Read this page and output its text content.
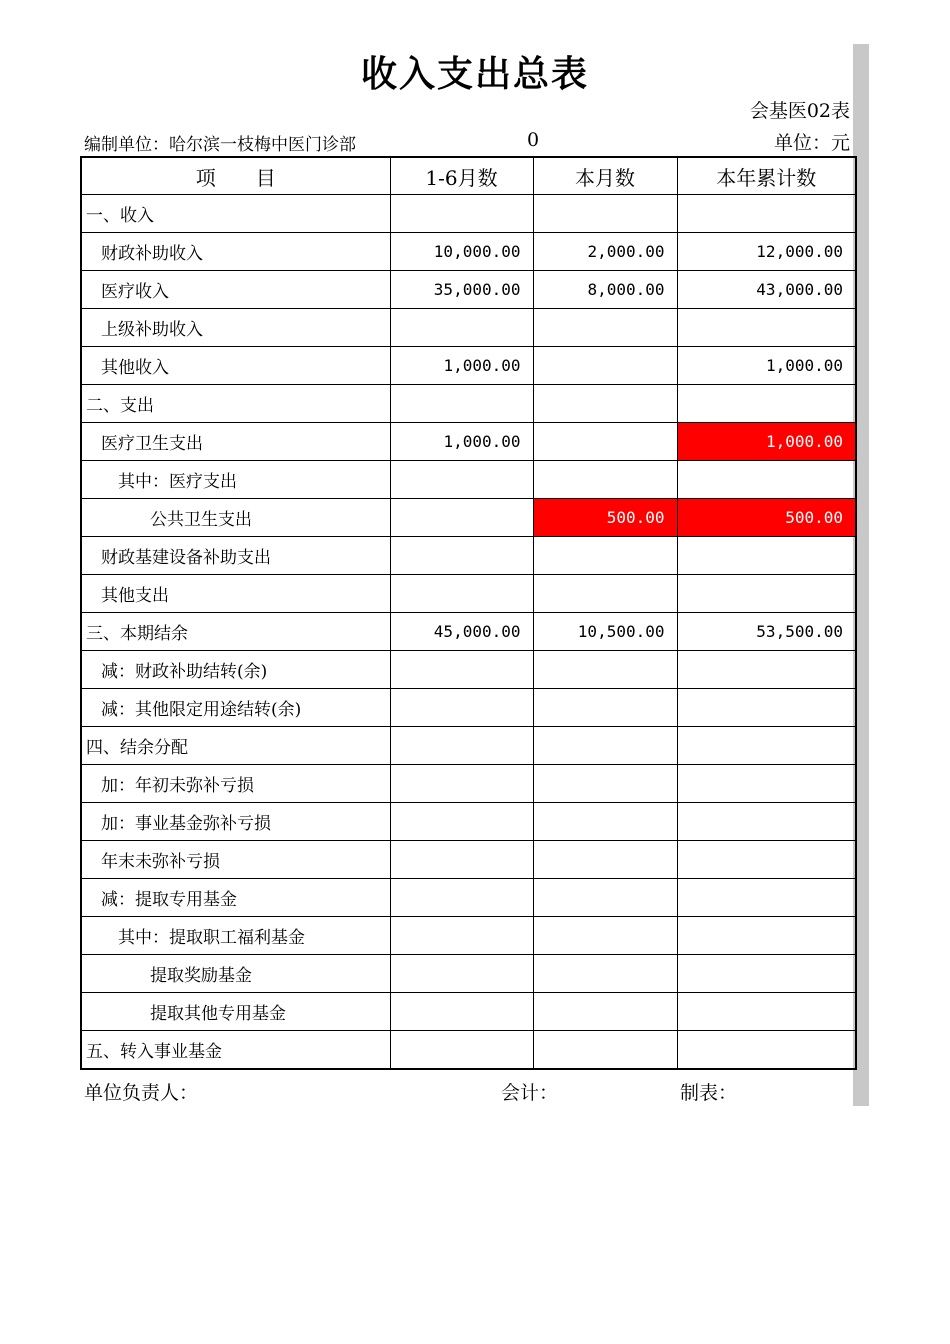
收入支出总表
会基医02表
编制单位：哈尔滨一枝梅中医门诊部	0	单位：元
项　　目	1-6月数	本月数	本年累计数
一、收入			
财政补助收入	10,000.00	2,000.00	12,000.00
医疗收入	35,000.00	8,000.00	43,000.00
上级补助收入			
其他收入	1,000.00		1,000.00
二、支出			
医疗卫生支出	1,000.00		1,000.00
其中：医疗支出			
公共卫生支出		500.00	500.00
财政基建设备补助支出			
其他支出			
三、本期结余	45,000.00	10,500.00	53,500.00
减：财政补助结转(余)			
减：其他限定用途结转(余)			
四、结余分配			
加：年初未弥补亏损			
加：事业基金弥补亏损			
年末未弥补亏损			
减：提取专用基金			
其中：提取职工福利基金			
提取奖励基金			
提取其他专用基金			
五、转入事业基金			
单位负责人：	会计：	制表：
